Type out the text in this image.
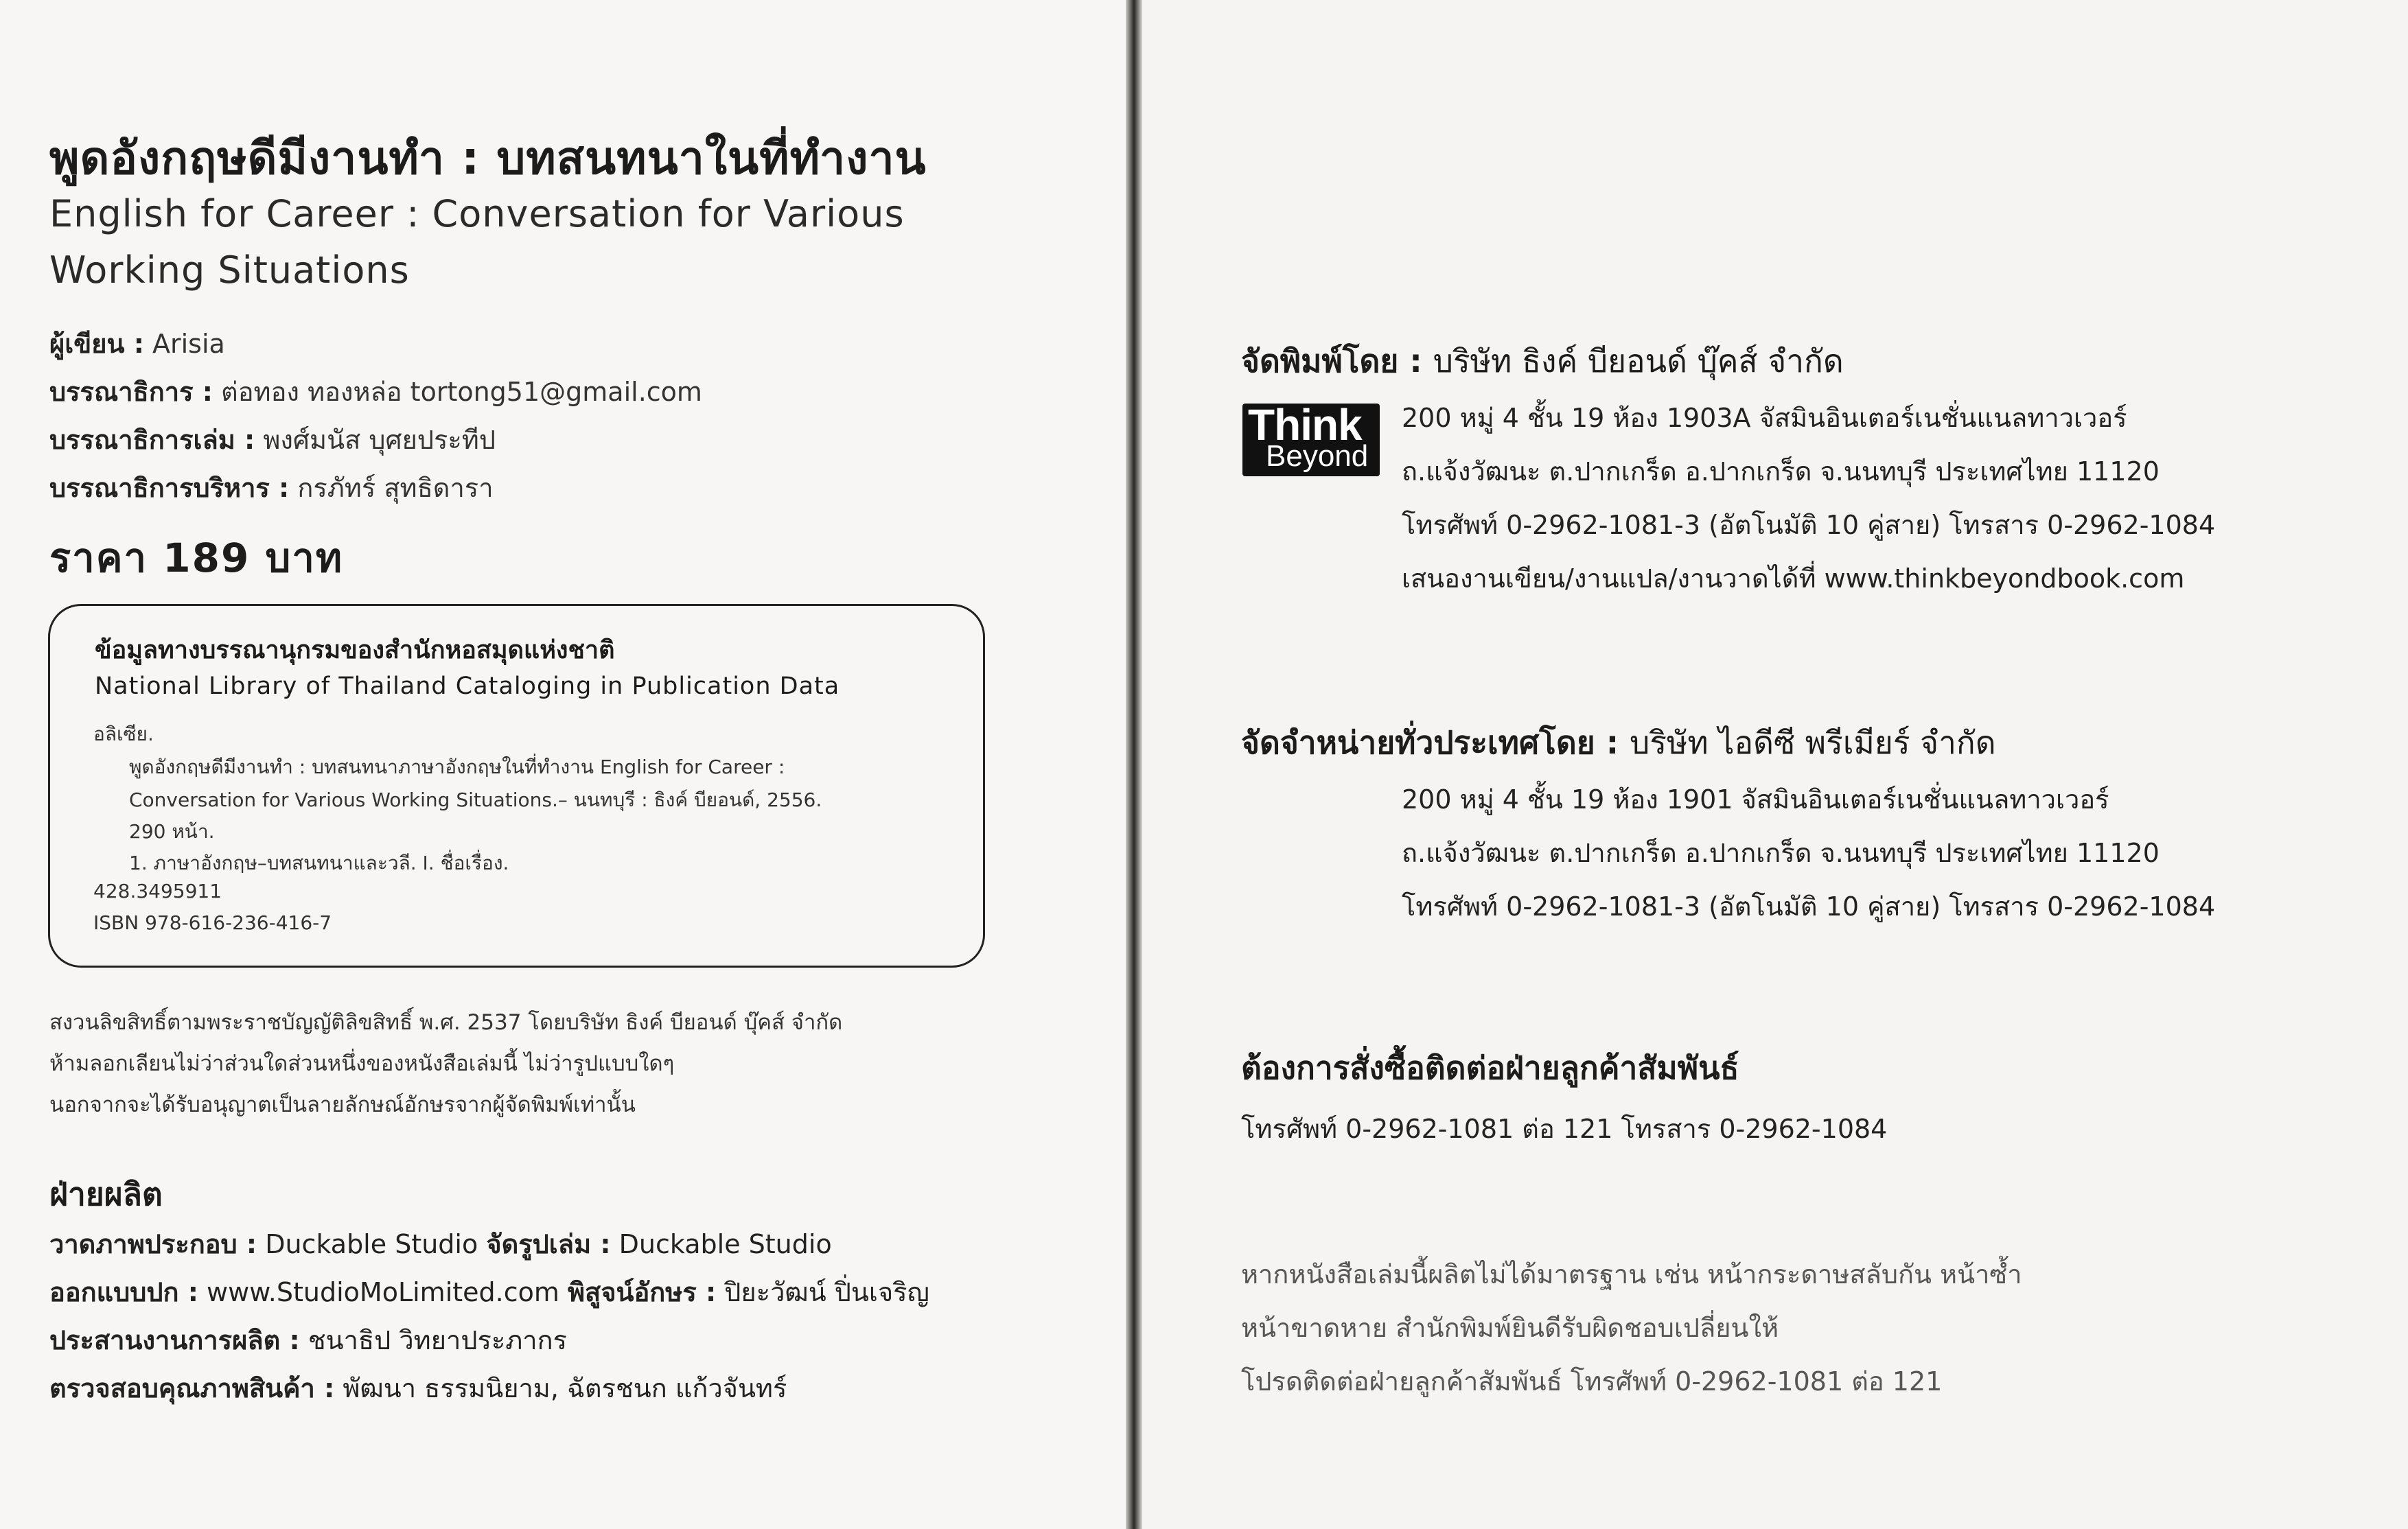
พูดอังกฤษดีมีงานทำ : บทสนทนาในที่ทำงาน
English for Career : Conversation for Various
Working Situations
ผู้เขียน : Arisia
บรรณาธิการ : ต่อทอง ทองหล่อ tortong51@gmail.com
บรรณาธิการเล่ม : พงศ์มนัส บุศยประทีป
บรรณาธิการบริหาร : กรภัทร์ สุทธิดารา
ราคา 189 บาท
ข้อมูลทางบรรณานุกรมของสำนักหอสมุดแห่งชาติ
National Library of Thailand Cataloging in Publication Data
อลิเซีย.
พูดอังกฤษดีมีงานทำ : บทสนทนาภาษาอังกฤษในที่ทำงาน English for Career :
Conversation for Various Working Situations.– นนทบุรี : ธิงค์ บียอนด์, 2556.
290 หน้า.
1. ภาษาอังกฤษ–บทสนทนาและวลี. I. ชื่อเรื่อง.
428.3495911
ISBN 978-616-236-416-7
สงวนลิขสิทธิ์ตามพระราชบัญญัติลิขสิทธิ์ พ.ศ. 2537 โดยบริษัท ธิงค์ บียอนด์ บุ๊คส์ จำกัด
ห้ามลอกเลียนไม่ว่าส่วนใดส่วนหนึ่งของหนังสือเล่มนี้ ไม่ว่ารูปแบบใดๆ
นอกจากจะได้รับอนุญาตเป็นลายลักษณ์อักษรจากผู้จัดพิมพ์เท่านั้น
ฝ่ายผลิต
วาดภาพประกอบ : Duckable Studio จัดรูปเล่ม : Duckable Studio
ออกแบบปก : www.StudioMoLimited.com พิสูจน์อักษร : ปิยะวัฒน์ ปิ่นเจริญ
ประสานงานการผลิต : ชนาธิป วิทยาประภากร
ตรวจสอบคุณภาพสินค้า : พัฒนา ธรรมนิยาม, ฉัตรชนก แก้วจันทร์
จัดพิมพ์โดย : บริษัท ธิงค์ บียอนด์ บุ๊คส์ จำกัด
Think
Beyond
200 หมู่ 4 ชั้น 19 ห้อง 1903A จัสมินอินเตอร์เนชั่นแนลทาวเวอร์
ถ.แจ้งวัฒนะ ต.ปากเกร็ด อ.ปากเกร็ด จ.นนทบุรี ประเทศไทย 11120
โทรศัพท์ 0-2962-1081-3 (อัตโนมัติ 10 คู่สาย) โทรสาร 0-2962-1084
เสนองานเขียน/งานแปล/งานวาดได้ที่ www.thinkbeyondbook.com
จัดจำหน่ายทั่วประเทศโดย : บริษัท ไอดีซี พรีเมียร์ จำกัด
200 หมู่ 4 ชั้น 19 ห้อง 1901 จัสมินอินเตอร์เนชั่นแนลทาวเวอร์
ถ.แจ้งวัฒนะ ต.ปากเกร็ด อ.ปากเกร็ด จ.นนทบุรี ประเทศไทย 11120
โทรศัพท์ 0-2962-1081-3 (อัตโนมัติ 10 คู่สาย) โทรสาร 0-2962-1084
ต้องการสั่งซื้อติดต่อฝ่ายลูกค้าสัมพันธ์
โทรศัพท์ 0-2962-1081 ต่อ 121 โทรสาร 0-2962-1084
หากหนังสือเล่มนี้ผลิตไม่ได้มาตรฐาน เช่น หน้ากระดาษสลับกัน หน้าซ้ำ
หน้าขาดหาย สำนักพิมพ์ยินดีรับผิดชอบเปลี่ยนให้
โปรดติดต่อฝ่ายลูกค้าสัมพันธ์ โทรศัพท์ 0-2962-1081 ต่อ 121
